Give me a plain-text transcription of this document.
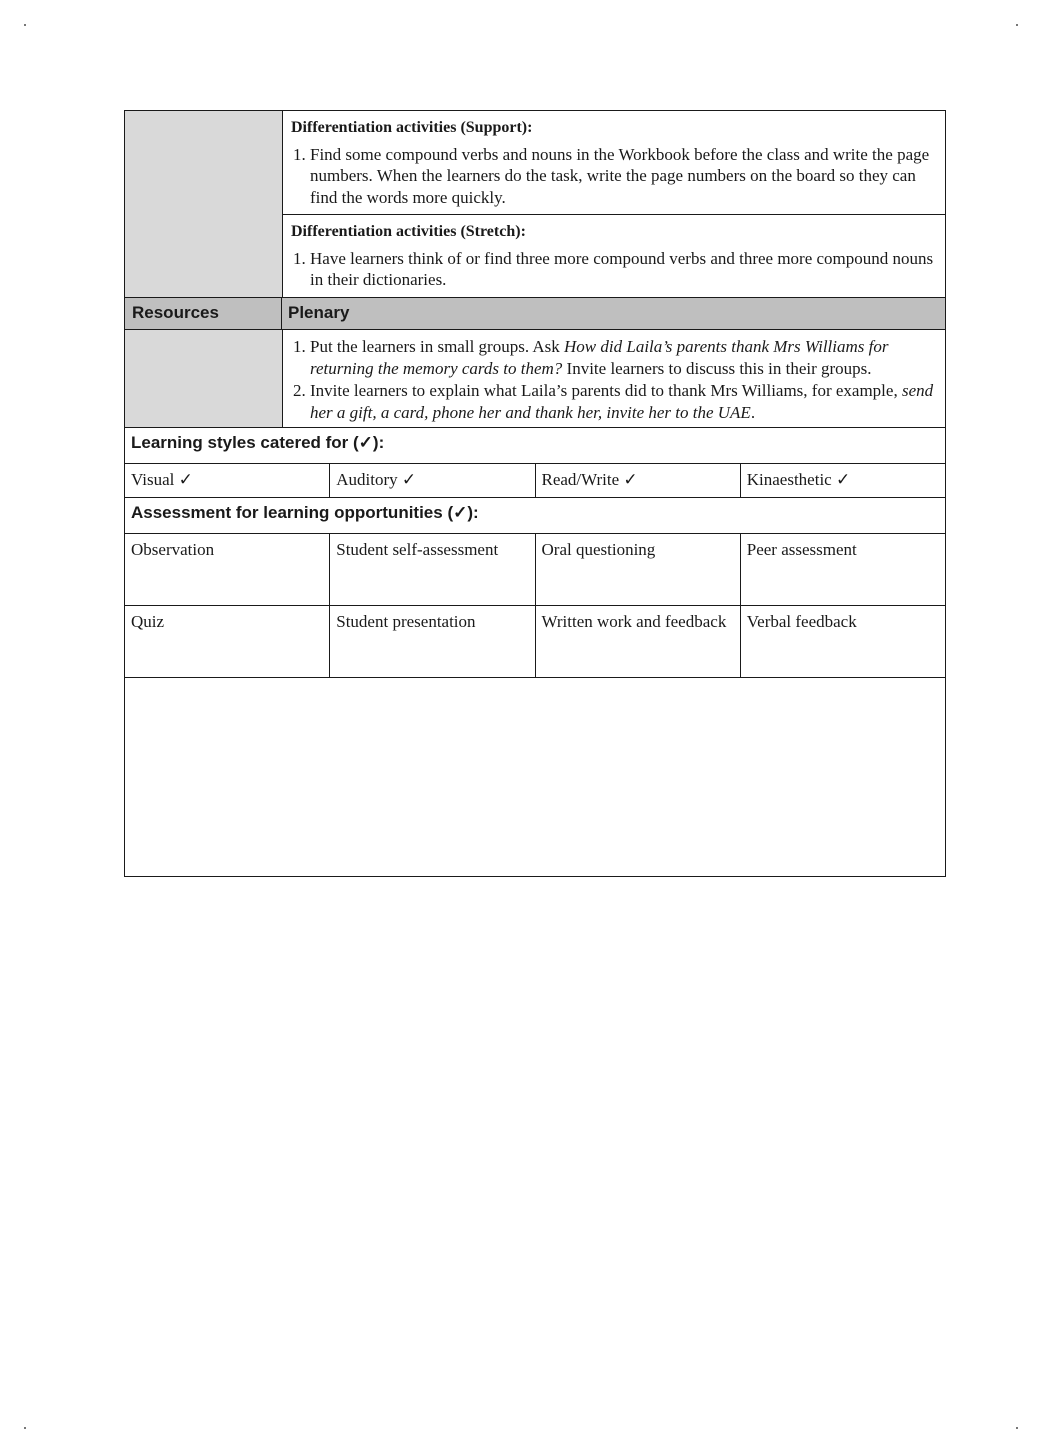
Differentiation activities (Support):
1. Find some compound verbs and nouns in the Workbook before the class and write the page numbers. When the learners do the task, write the page numbers on the board so they can find the words more quickly.
Differentiation activities (Stretch):
1. Have learners think of or find three more compound verbs and three more compound nouns in their dictionaries.
Resources	Plenary
1. Put the learners in small groups. Ask How did Laila’s parents thank Mrs Williams for returning the memory cards to them? Invite learners to discuss this in their groups.
2. Invite learners to explain what Laila’s parents did to thank Mrs Williams, for example, send her a gift, a card, phone her and thank her, invite her to the UAE.
Learning styles catered for (✓):
Visual ✓	Auditory ✓	Read/Write ✓	Kinaesthetic ✓
Assessment for learning opportunities (✓):
Observation	Student self-assessment	Oral questioning	Peer assessment
Quiz	Student presentation	Written work and feedback	Verbal feedback
